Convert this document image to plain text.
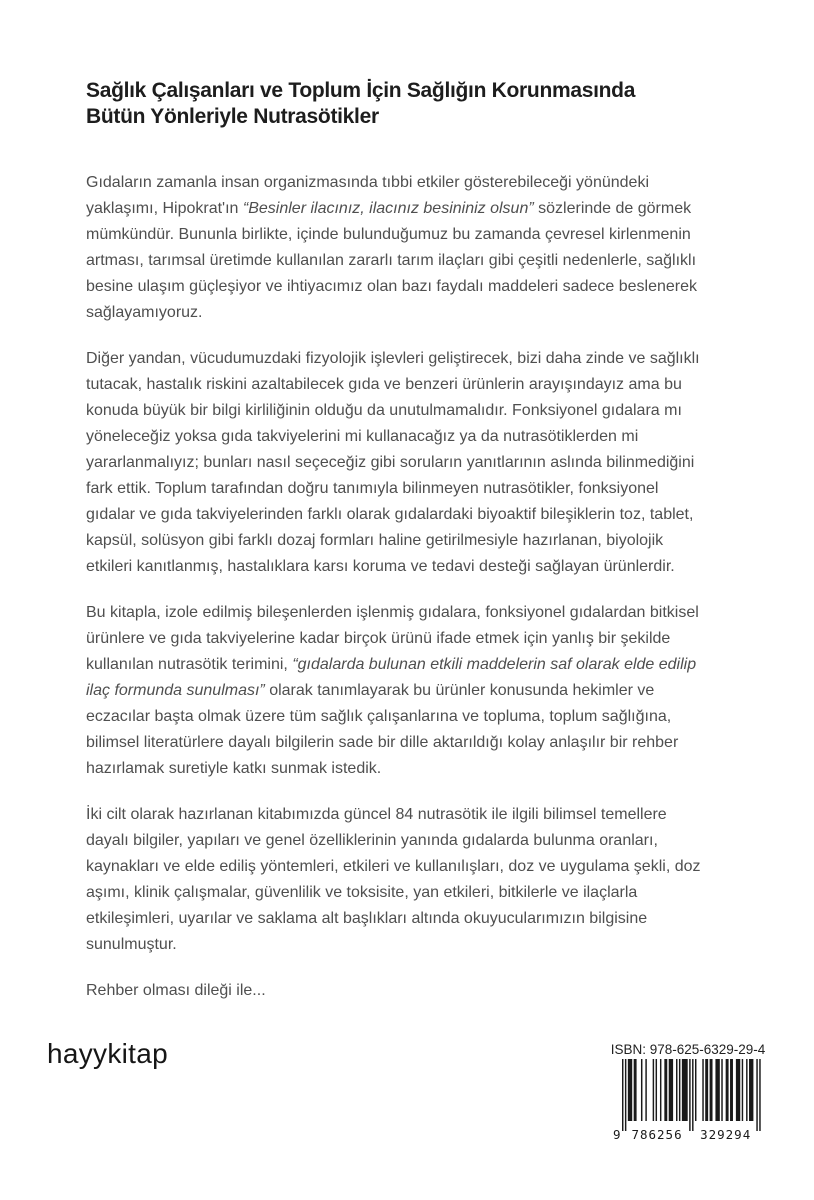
Sağlık Çalışanları ve Toplum İçin Sağlığın Korunmasında
Bütün Yönleriyle Nutrasötikler
Gıdaların zamanla insan organizmasında tıbbi etkiler gösterebileceği yönündeki
yaklaşımı, Hipokrat'ın “Besinler ilacınız, ilacınız besininiz olsun” sözlerinde de görmek
mümkündür. Bununla birlikte, içinde bulunduğumuz bu zamanda çevresel kirlenmenin
artması, tarımsal üretimde kullanılan zararlı tarım ilaçları gibi çeşitli nedenlerle, sağlıklı
besine ulaşım güçleşiyor ve ihtiyacımız olan bazı faydalı maddeleri sadece beslenerek
sağlayamıyoruz.
Diğer yandan, vücudumuzdaki fizyolojik işlevleri geliştirecek, bizi daha zinde ve sağlıklı
tutacak, hastalık riskini azaltabilecek gıda ve benzeri ürünlerin arayışındayız ama bu
konuda büyük bir bilgi kirliliğinin olduğu da unutulmamalıdır. Fonksiyonel gıdalara mı
yöneleceğiz yoksa gıda takviyelerini mi kullanacağız ya da nutrasötiklerden mi
yararlanmalıyız; bunları nasıl seçeceğiz gibi soruların yanıtlarının aslında bilinmediğini
fark ettik. Toplum tarafından doğru tanımıyla bilinmeyen nutrasötikler, fonksiyonel
gıdalar ve gıda takviyelerinden farklı olarak gıdalardaki biyoaktif bileşiklerin toz, tablet,
kapsül, solüsyon gibi farklı dozaj formları haline getirilmesiyle hazırlanan, biyolojik
etkileri kanıtlanmış, hastalıklara karsı koruma ve tedavi desteği sağlayan ürünlerdir.
Bu kitapla, izole edilmiş bileşenlerden işlenmiş gıdalara, fonksiyonel gıdalardan bitkisel
ürünlere ve gıda takviyelerine kadar birçok ürünü ifade etmek için yanlış bir şekilde
kullanılan nutrasötik terimini, “gıdalarda bulunan etkili maddelerin saf olarak elde edilip
ilaç formunda sunulması” olarak tanımlayarak bu ürünler konusunda hekimler ve
eczacılar başta olmak üzere tüm sağlık çalışanlarına ve topluma, toplum sağlığına,
bilimsel literatürlere dayalı bilgilerin sade bir dille aktarıldığı kolay anlaşılır bir rehber
hazırlamak suretiyle katkı sunmak istedik.
İki cilt olarak hazırlanan kitabımızda güncel 84 nutrasötik ile ilgili bilimsel temellere
dayalı bilgiler, yapıları ve genel özelliklerinin yanında gıdalarda bulunma oranları,
kaynakları ve elde ediliş yöntemleri, etkileri ve kullanılışları, doz ve uygulama şekli, doz
aşımı, klinik çalışmalar, güvenlilik ve toksisite, yan etkileri, bitkilerle ve ilaçlarla
etkileşimleri, uyarılar ve saklama alt başlıkları altında okuyucularımızın bilgisine
sunulmuştur.
Rehber olması dileği ile...
hayykitap	ISBN: 978-625-6329-29-4
9 786256 329294
